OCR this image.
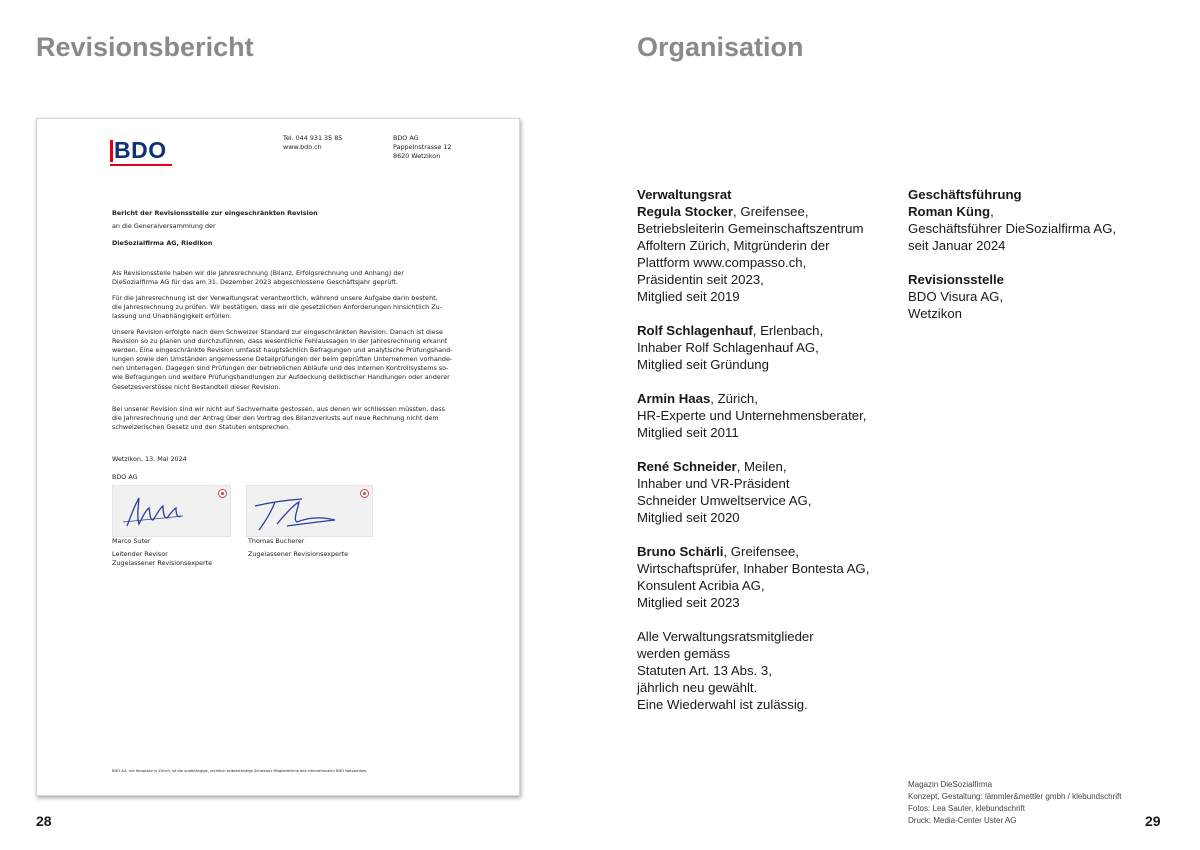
Revisionsbericht
BDO	Tel. 044 931 35 85
www.bdo.ch
BDO AG
Pappelnstrasse 12
8620 Wetzikon
Bericht der Revisionsstelle zur eingeschränkten Revision
an die Generalversammlung der
DieSozialfirma AG, Riedikon
Als Revisionsstelle haben wir die Jahresrechnung (Bilanz, Erfolgsrechnung und Anhang) der
DieSozialfirma AG für das am 31. Dezember 2023 abgeschlossene Geschäftsjahr geprüft.
Für die Jahresrechnung ist der Verwaltungsrat verantwortlich, während unsere Aufgabe darin besteht,
die Jahresrechnung zu prüfen. Wir bestätigen, dass wir die gesetzlichen Anforderungen hinsichtlich Zu-
lassung und Unabhängigkeit erfüllen.
Unsere Revision erfolgte nach dem Schweizer Standard zur eingeschränkten Revision. Danach ist diese
Revision so zu planen und durchzuführen, dass wesentliche Fehlaussagen in der Jahresrechnung erkannt
werden. Eine eingeschränkte Revision umfasst hauptsächlich Befragungen und analytische Prüfungshand-
lungen sowie den Umständen angemessene Detailprüfungen der beim geprüften Unternehmen vorhande-
nen Unterlagen. Dagegen sind Prüfungen der betrieblichen Abläufe und des internen Kontrollsystems so-
wie Befragungen und weitere Prüfungshandlungen zur Aufdeckung deliktischer Handlungen oder anderer
Gesetzesverstösse nicht Bestandteil dieser Revision.
Bei unserer Revision sind wir nicht auf Sachverhalte gestossen, aus denen wir schliessen müssten, dass
die Jahresrechnung und der Antrag über den Vortrag des Bilanzverlusts auf neue Rechnung nicht dem
schweizerischen Gesetz und den Statuten entsprechen.
Wetzikon, 13. Mai 2024
BDO AG
Marco Suter
Leitender Revisor
Zugelassener Revisionsexperte
Thomas Bucherer
Zugelassener Revisionsexperte
BDO AG, mit Hauptsitz in Zürich, ist die unabhängige, rechtlich selbstständige Schweizer Mitgliedsfirma des internationalen BDO Netzwerkes.
28
Organisation
Verwaltungsrat
Regula Stocker, Greifensee,
Betriebsleiterin Gemeinschaftszentrum
Affoltern Zürich, Mitgründerin der
Plattform www.compasso.ch,
Präsidentin seit 2023,
Mitglied seit 2019
Rolf Schlagenhauf, Erlenbach,
Inhaber Rolf Schlagenhauf AG,
Mitglied seit Gründung
Armin Haas, Zürich,
HR-Experte und Unternehmensberater,
Mitglied seit 2011
René Schneider, Meilen,
Inhaber und VR-Präsident
Schneider Umweltservice AG,
Mitglied seit 2020
Bruno Schärli, Greifensee,
Wirtschaftsprüfer, Inhaber Bontesta AG,
Konsulent Acribia AG,
Mitglied seit 2023
Alle Verwaltungsratsmitglieder
werden gemäss
Statuten Art. 13 Abs. 3,
jährlich neu gewählt.
Eine Wiederwahl ist zulässig.
Geschäftsführung
Roman Küng,
Geschäftsführer DieSozialfirma AG,
seit Januar 2024
Revisionsstelle
BDO Visura AG,
Wetzikon
Magazin DieSozialfirma
Konzept, Gestaltung: lämmler&mettler gmbh / klebundschrift
Fotos: Lea Sauter, klebundschrift
Druck: Media-Center Uster AG	29
